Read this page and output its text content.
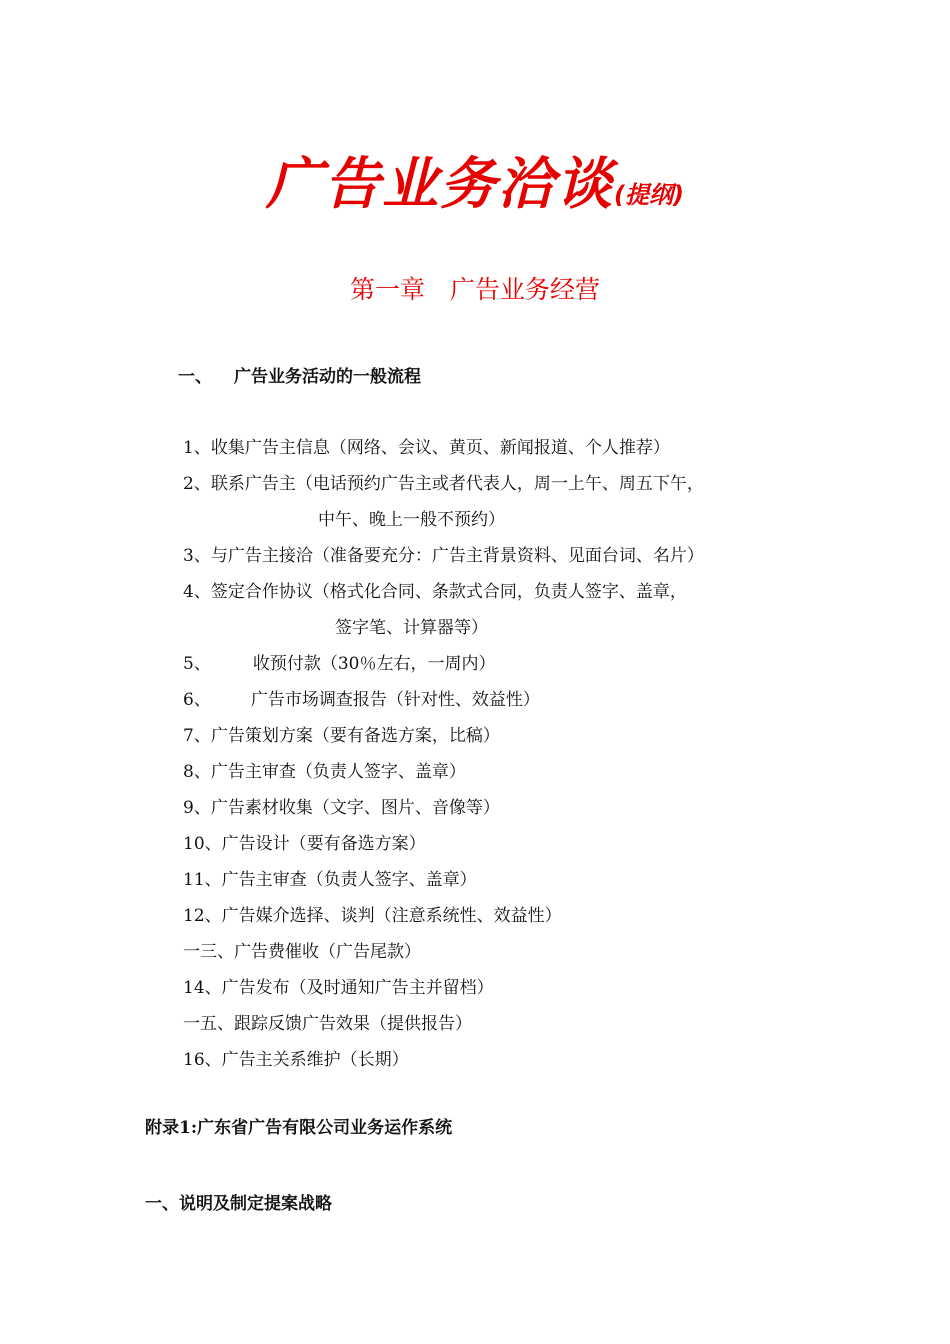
广告业务洽谈(提纲)
第一章　广告业务经营
一、 广告业务活动的一般流程
1、收集广告主信息（网络、会议、黄页、新闻报道、个人推荐）
2、联系广告主（电话预约广告主或者代表人，周一上午、周五下午，
中午、晚上一般不预约）
3、与广告主接洽（准备要充分：广告主背景资料、见面台词、名片）
4、签定合作协议（格式化合同、条款式合同，负责人签字、盖章，
签字笔、计算器等）
5、 收预付款（30％左右，一周内）
6、 广告市场调查报告（针对性、效益性）
7、广告策划方案（要有备选方案，比稿）
8、广告主审查（负责人签字、盖章）
9、广告素材收集（文字、图片、音像等）
10、广告设计（要有备选方案）
11、广告主审查（负责人签字、盖章）
12、广告媒介选择、谈判（注意系统性、效益性）
一三、广告费催收（广告尾款）
14、广告发布（及时通知广告主并留档）
一五、跟踪反馈广告效果（提供报告）
16、广告主关系维护（长期）
附录1:广东省广告有限公司业务运作系统
一、说明及制定提案战略
